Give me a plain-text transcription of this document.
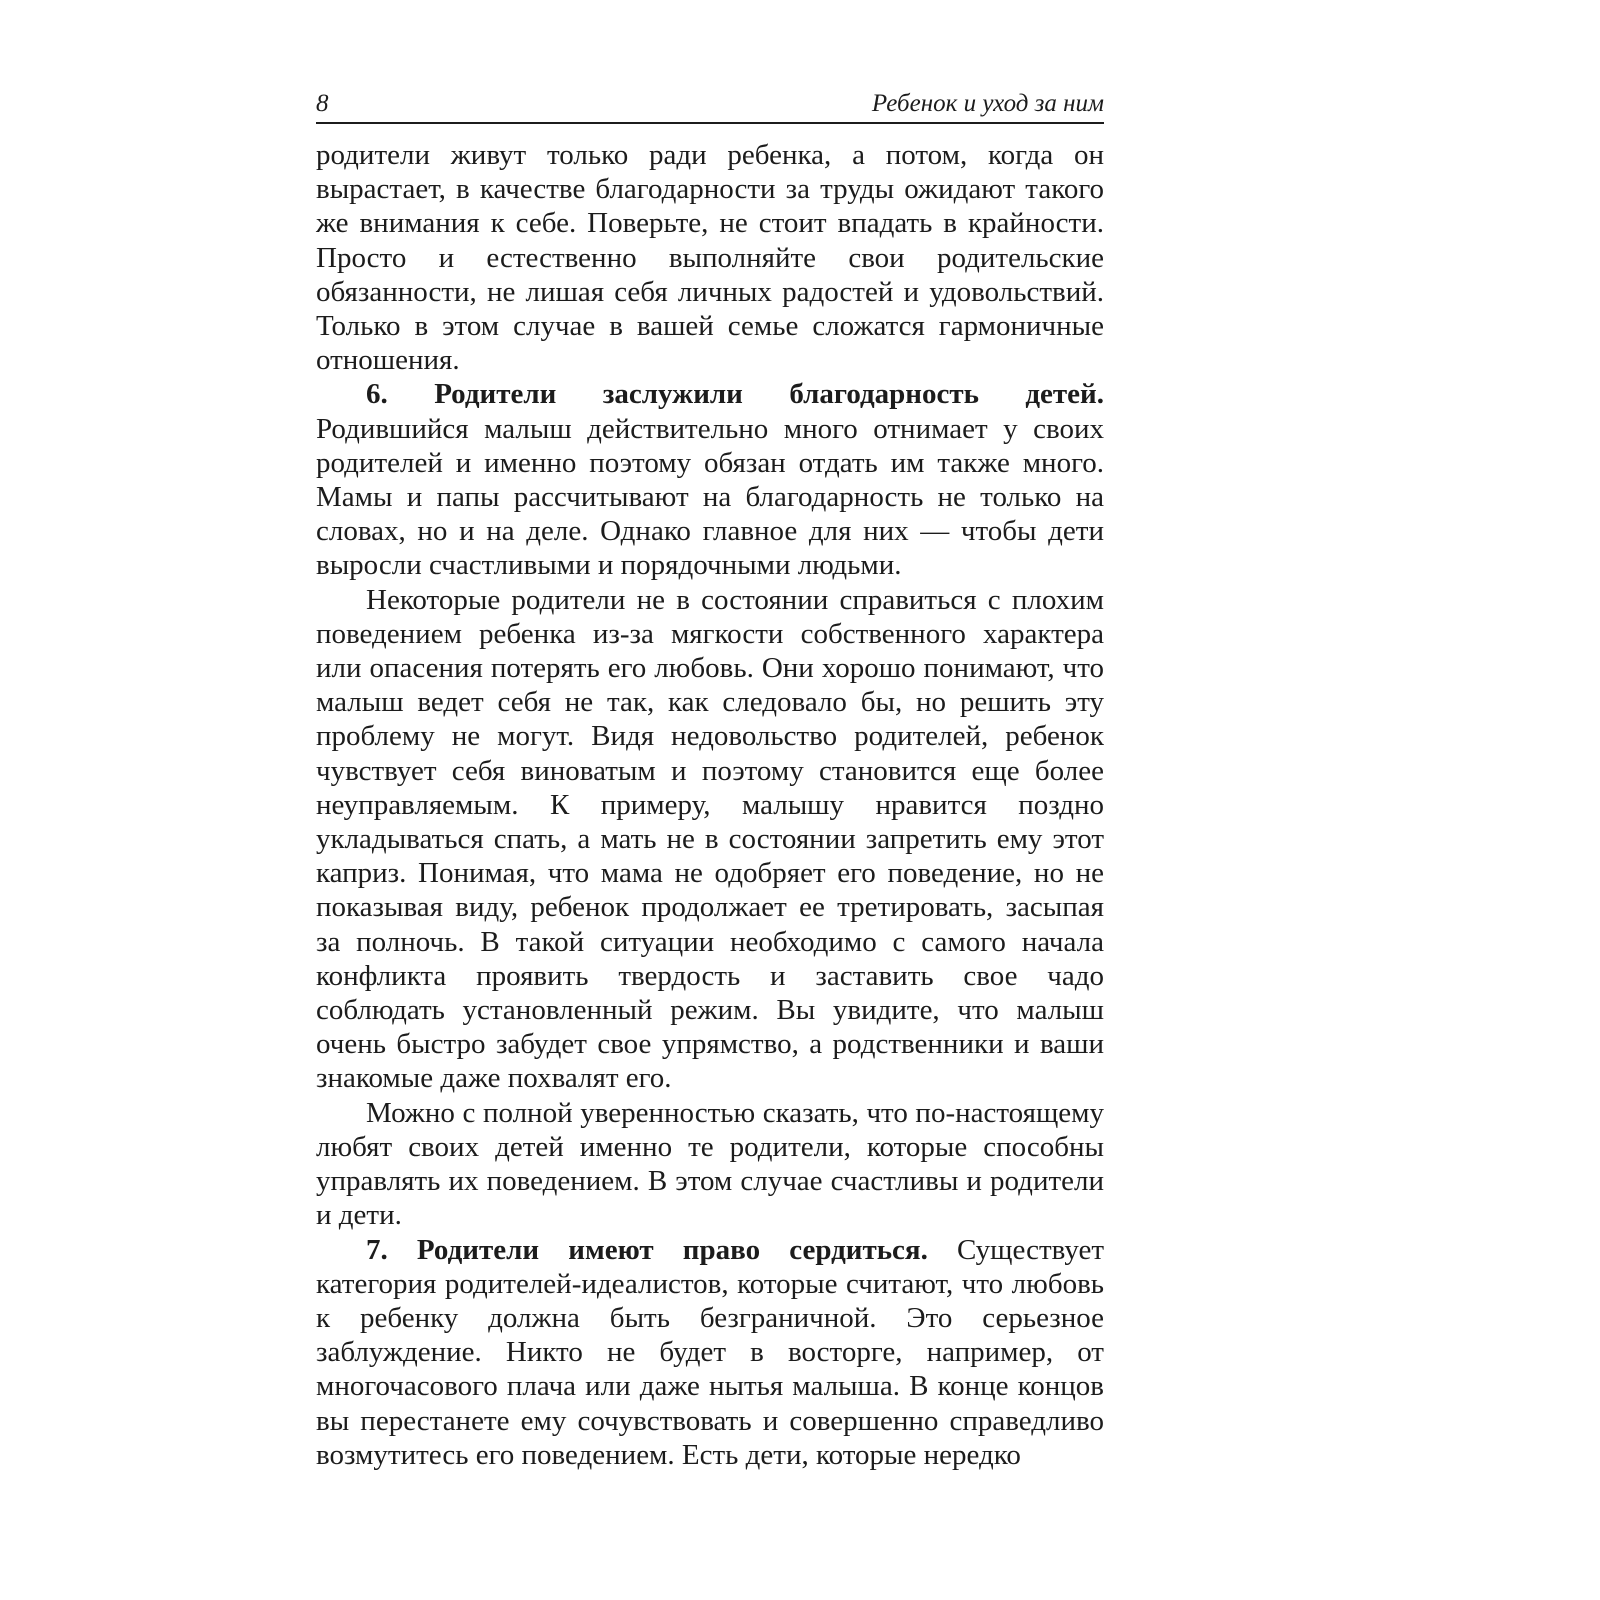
8	Ребенок и уход за ним

родители живут только ради ребенка, а потом, когда он вырастает, в качестве благодарности за труды ожидают такого же внимания к себе. Поверьте, не стоит впадать в крайности. Просто и естественно выполняйте свои родительские обязанности, не лишая себя личных радостей и удовольствий. Только в этом случае в вашей семье сложатся гармоничные отношения.

6. Родители заслужили благодарность детей. Родившийся малыш действительно много отнимает у своих родителей и именно поэтому обязан отдать им также много. Мамы и папы рассчитывают на благодарность не только на словах, но и на деле. Однако главное для них — чтобы дети выросли счастливыми и порядочными людьми.

Некоторые родители не в состоянии справиться с плохим поведением ребенка из-за мягкости собственного характера или опасения потерять его любовь. Они хорошо понимают, что малыш ведет себя не так, как следовало бы, но решить эту проблему не могут. Видя недовольство родителей, ребенок чувствует себя виноватым и поэтому становится еще более неуправляемым. К примеру, малышу нравится поздно укладываться спать, а мать не в состоянии запретить ему этот каприз. Понимая, что мама не одобряет его поведение, но не показывая виду, ребенок продолжает ее третировать, засыпая за полночь. В такой ситуации необходимо с самого начала конфликта проявить твердость и заставить свое чадо соблюдать установленный режим. Вы увидите, что малыш очень быстро забудет свое упрямство, а родственники и ваши знакомые даже похвалят его.

Можно с полной уверенностью сказать, что по-настоящему любят своих детей именно те родители, которые способны управлять их поведением. В этом случае счастливы и родители и дети.

7. Родители имеют право сердиться. Существует категория родителей-идеалистов, которые считают, что любовь к ребенку должна быть безграничной. Это серьезное заблуждение. Никто не будет в восторге, например, от многочасового плача или даже нытья малыша. В конце концов вы перестанете ему сочувствовать и совершенно справедливо возмутитесь его поведением. Есть дети, которые нередко
